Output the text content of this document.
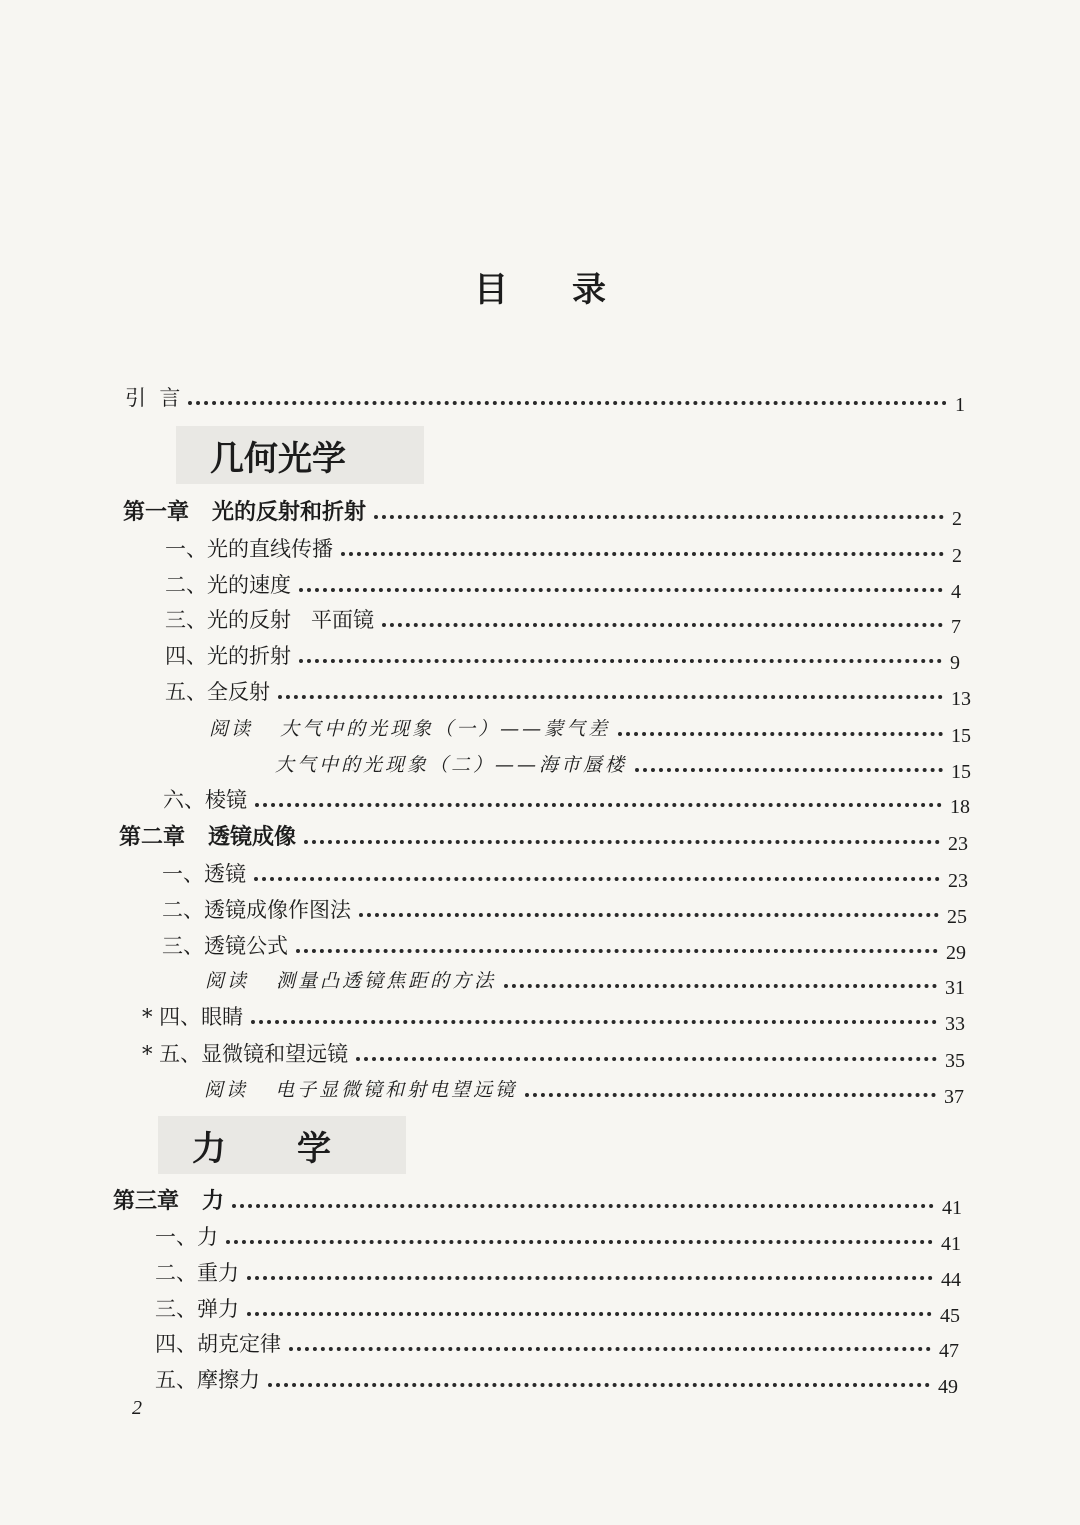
目 录
引  言	1
几何光学
第一章   光的反射和折射	2
一、光的直线传播	2
二、光的速度	4
三、光的反射   平面镜	7
四、光的折射	9
五、全反射	13
阅读   大气中的光现象（一）——蒙气差	15
大气中的光现象（二）——海市蜃楼	15
六、棱镜	18
第二章   透镜成像	23
一、透镜	23
二、透镜成像作图法	25
三、透镜公式	29
阅读   测量凸透镜焦距的方法	31
* 四、眼睛	33
* 五、显微镜和望远镜	35
阅读   电子显微镜和射电望远镜	37
力      学
第三章   力	41
一、力	41
二、重力	44
三、弹力	45
四、胡克定律	47
五、摩擦力	49
2
